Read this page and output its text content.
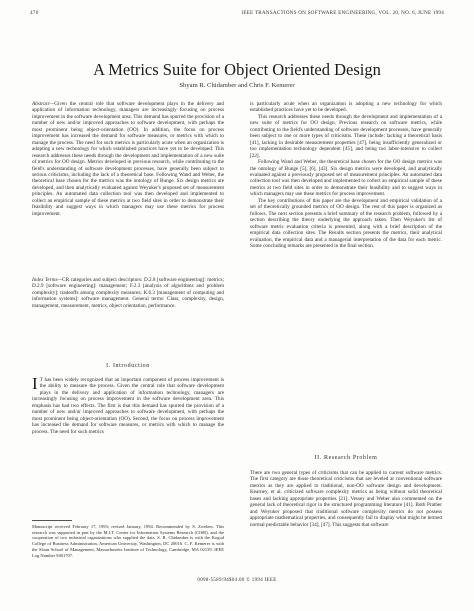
476	IEEE TRANSACTIONS ON SOFTWARE ENGINEERING, VOL. 20, NO. 6, JUNE 1994
A Metrics Suite for Object Oriented Design
Shyam R. Chidamber and Chris F. Kemerer

Abstract—Given the central role that software development plays in the delivery and application of information technology, managers are increasingly focusing on process improvement in the software development area. This demand has spurred the provision of a number of new and/or improved approaches to software development, with perhaps the most prominent being object-orientation (OO). In addition, the focus on process improvement has increased the demand for software measures, or metrics with which to manage the process. The need for such metrics is particularly acute when an organization is adopting a new technology for which established practices have yet to be developed. This research addresses these needs through the development and implementation of a new suite of metrics for OO design. Metrics developed in previous research, while contributing to the field's understanding of software development processes, have generally been subject to serious criticisms, including the lack of a theoretical base. Following Wand and Weber, the theoretical base chosen for the metrics was the ontology of Bunge. Six design metrics are developed, and then analytically evaluated against Weyuker's proposed set of measurement principles. An automated data collection tool was then developed and implemented to collect an empirical sample of these metrics at two field sites in order to demonstrate their feasibility and suggest ways in which managers may use these metrics for process improvement.

Index Terms—CR categories and subject descriptors: D.2.8 [software engineering]: metrics; D.2.9 [software engineering]: management; F.2.3 [analysis of algorithms and problem complexity]: tradeoffs among complexity measures; K.6.3 [management of computing and information systems]: software management. General terms: Class, complexity, design, management, measurement, metrics, object orientation, performance.

I. Introduction

I T has been widely recognized that an important component of process improvement is the ability to measure the process. Given the central role that software development plays in the delivery and application of information technology, managers are increasingly focusing on process improvement in the software development area. This emphasis has had two effects. The first is that this demand has spurred the provision of a number of new and/or improved approaches to software development, with perhaps the most prominent being object-orientation (OO). Second, the focus on process improvement has increased the demand for software measures, or metrics with which to manage the process. The need for such metrics

Manuscript received February 17, 1993; revised January, 1994. Recommended by S. Zweben. This research was supported in part by the M.I.T. Center for Information Systems Research (CISR), and the cooperation of two industrial organizations who supplied the data. S. R. Chidamber is with the Kogod College of Business Administration, American University, Washington, DC 20016. C. F. Kemerer is with the Sloan School of Management, Massachusetts Institute of Technology, Cambridge, MA 02139. IEEE Log Number 9401707.

is particularly acute when an organization is adopting a new technology for which established practices have yet to be developed.

This research addresses these needs through the development and implementation of a new suite of metrics for OO design. Previous research on software metrics, while contributing to the field's understanding of software development processes, have generally been subject to one or more types of criticisms. These include: lacking a theoretical basis [41], lacking in desirable measurement properties [47], being insufficiently generalized or too implementation technology dependent [45], and being too labor-intensive to collect [22].

Following Wand and Weber, the theoretical base chosen for the OO design metrics was the ontology of Bunge [5], [6], [43]. Six design metrics were developed, and analytically evaluated against a previously proposed set of measurement principles. An automated data collection tool was then developed and implemented to collect an empirical sample of these metrics at two field sites in order to demonstrate their feasibility and to suggest ways in which managers may use these metrics for process improvement.

The key contributions of this paper are the development and empirical validation of a set of theoretically grounded metrics of OO design. The rest of this paper is organized as follows. The next section presents a brief summary of the research problem, followed by a section describing the theory underlying the approach taken. Then Weyuker's list of software metric evaluation criteria is presented, along with a brief description of the empirical data collection sites. The Results section presents the metrics, their analytical evaluation, the empirical data and a managerial interpretation of the data for each metric. Some concluding remarks are presented in the final section.

II. Research Problem

There are two general types of criticisms that can be applied to current software metrics. The first category are those theoretical criticisms that are leveled at conventional software metrics as they are applied to traditional, non-OO software design and development. Kearney, et al. criticized software complexity metrics as being without solid theoretical bases and lacking appropriate properties [21]. Vessey and Weber also commented on the general lack of theoretical rigor in the structured programming literature [41]. Both Prather and Weyuker proposed that traditional software complexity metrics do not possess appropriate mathematical properties, and consequently fail to display what might be termed normal predictable behavior [34], [47]. This suggests that software

0098-5589/94$04.00 © 1994 IEEE
